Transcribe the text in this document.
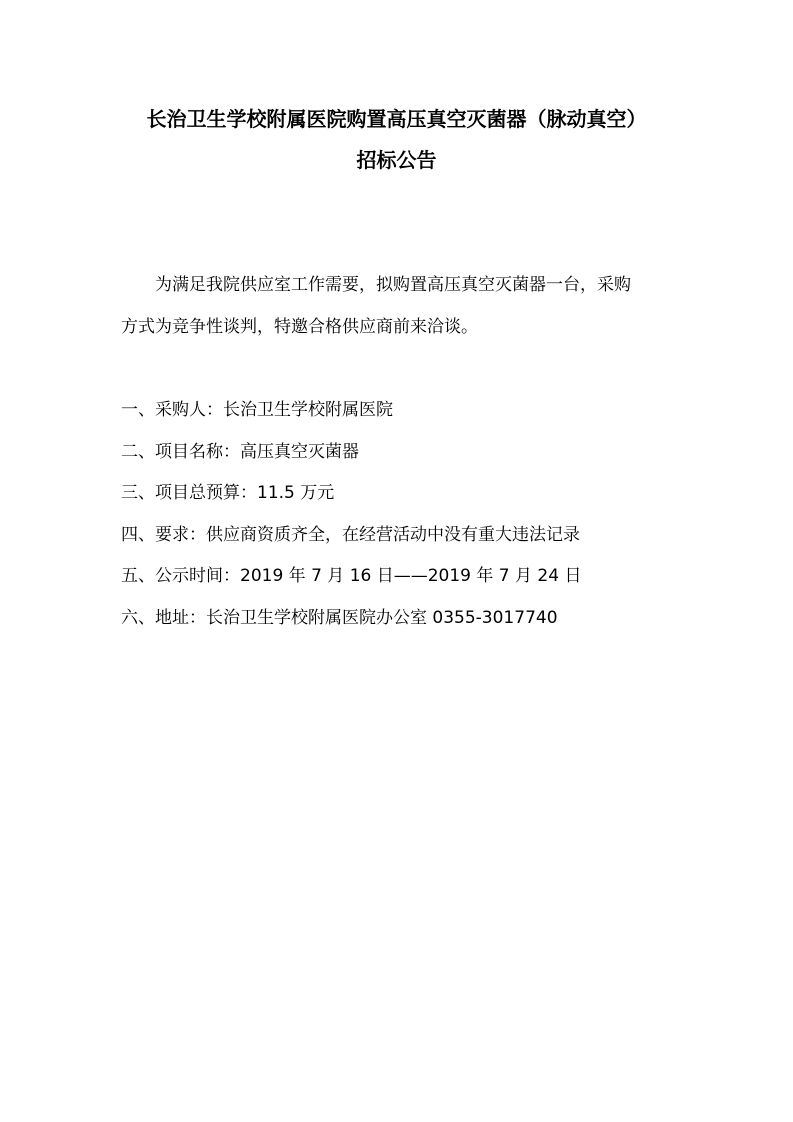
长治卫生学校附属医院购置高压真空灭菌器（脉动真空）
招标公告
为满足我院供应室工作需要，拟购置高压真空灭菌器一台，采购
方式为竞争性谈判，特邀合格供应商前来洽谈。
一、采购人：长治卫生学校附属医院
二、项目名称：高压真空灭菌器
三、项目总预算：11.5 万元
四、要求：供应商资质齐全，在经营活动中没有重大违法记录
五、公示时间：2019 年 7 月 16 日——2019 年 7 月 24 日
六、地址：长治卫生学校附属医院办公室 0355-3017740
